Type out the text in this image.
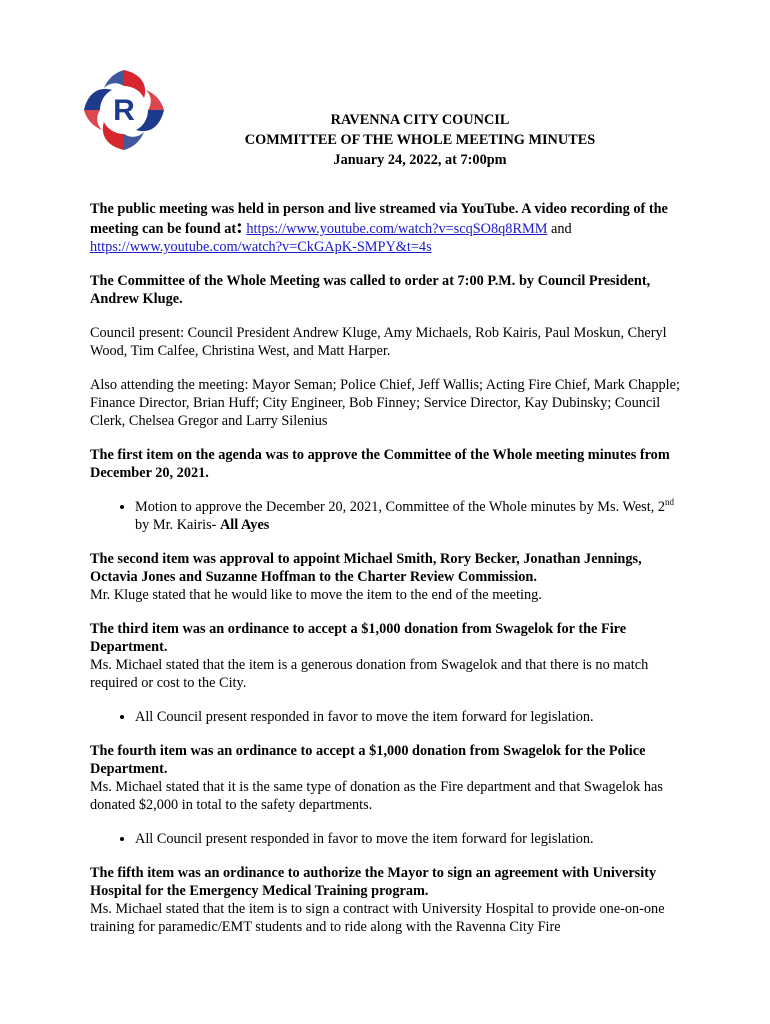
R	RAVENNA CITY COUNCIL
COMMITTEE OF THE WHOLE MEETING MINUTES
January 24, 2022, at 7:00pm

The public meeting was held in person and live streamed via YouTube. A video recording of the meeting can be found at: https://www.youtube.com/watch?v=scqSO8q8RMM and
https://www.youtube.com/watch?v=CkGApK-SMPY&t=4s

The Committee of the Whole Meeting was called to order at 7:00 P.M. by Council President, Andrew Kluge.

Council present: Council President Andrew Kluge, Amy Michaels, Rob Kairis, Paul Moskun, Cheryl Wood, Tim Calfee, Christina West, and Matt Harper.

Also attending the meeting: Mayor Seman; Police Chief, Jeff Wallis; Acting Fire Chief, Mark Chapple; Finance Director, Brian Huff; City Engineer, Bob Finney; Service Director, Kay Dubinsky; Council Clerk, Chelsea Gregor and Larry Silenius

The first item on the agenda was to approve the Committee of the Whole meeting minutes from December 20, 2021.

• Motion to approve the December 20, 2021, Committee of the Whole minutes by Ms. West, 2nd by Mr. Kairis- All Ayes

The second item was approval to appoint Michael Smith, Rory Becker, Jonathan Jennings, Octavia Jones and Suzanne Hoffman to the Charter Review Commission.

Mr. Kluge stated that he would like to move the item to the end of the meeting.

The third item was an ordinance to accept a $1,000 donation from Swagelok for the Fire Department.

Ms. Michael stated that the item is a generous donation from Swagelok and that there is no match required or cost to the City.

• All Council present responded in favor to move the item forward for legislation.

The fourth item was an ordinance to accept a $1,000 donation from Swagelok for the Police Department.

Ms. Michael stated that it is the same type of donation as the Fire department and that Swagelok has donated $2,000 in total to the safety departments.

• All Council present responded in favor to move the item forward for legislation.

The fifth item was an ordinance to authorize the Mayor to sign an agreement with University Hospital for the Emergency Medical Training program.

Ms. Michael stated that the item is to sign a contract with University Hospital to provide one-on-one training for paramedic/EMT students and to ride along with the Ravenna City Fire
